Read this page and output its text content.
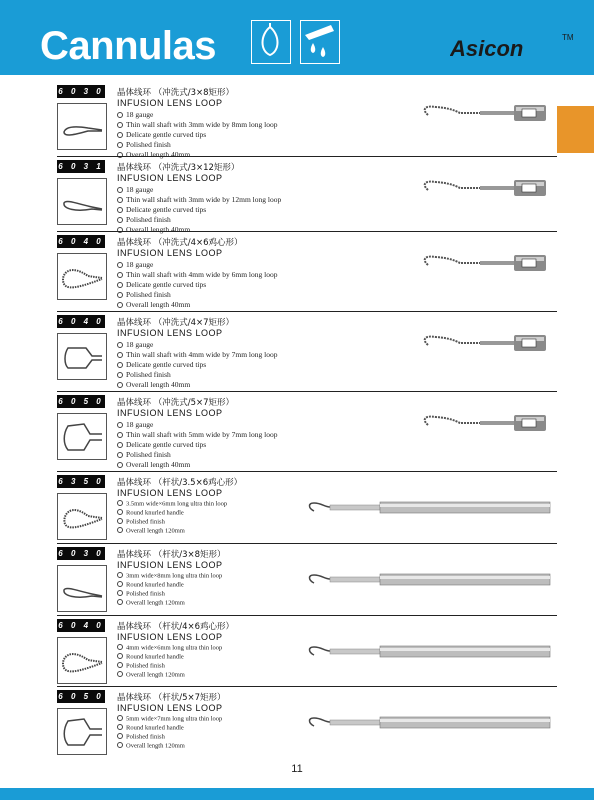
Cannulas	Asicon	TM
6 0 3 0 晶体线环 （冲洗式/3×8矩形）
INFUSION LENS LOOP
18 gauge
Thin wall shaft with 3mm wide by 8mm long loop
Delicate gentle curved tips
Polished finish
Overall length 40mm
6 0 3 1 晶体线环 （冲洗式/3×12矩形）
INFUSION LENS LOOP
18 gauge
Thin wall shaft with 3mm wide by 12mm long loop
Delicate gentle curved tips
Polished finish
Overall length 40mm
6 0 4 0 晶体线环 （冲洗式/4×6鸡心形）
INFUSION LENS LOOP
18 gauge
Thin wall shaft with 4mm wide by 6mm long loop
Delicate gentle curved tips
Polished finish
Overall length 40mm
6 0 4 0 晶体线环 （冲洗式/4×7矩形）
INFUSION LENS LOOP
18 gauge
Thin wall shaft with 4mm wide by 7mm long loop
Delicate gentle curved tips
Polished finish
Overall length 40mm
6 0 5 0 晶体线环 （冲洗式/5×7矩形）
INFUSION LENS LOOP
18 gauge
Thin wall shaft with 5mm wide by 7mm long loop
Delicate gentle curved tips
Polished finish
Overall length 40mm
6 3 5 0 晶体线环 （杆状/3.5×6鸡心形）
INFUSION LENS LOOP
3.5mm wide×6mm long ultra thin loop
Round knurled handle
Polished finish
Overall length 120mm
6 0 3 0 晶体线环 （杆状/3×8矩形）
INFUSION LENS LOOP
3mm wide×8mm long ultra thin loop
Round knurled handle
Polished finish
Overall length 120mm
6 0 4 0 晶体线环 （杆状/4×6鸡心形）
INFUSION LENS LOOP
4mm wide×6mm long ultra thin loop
Round knurled handle
Polished finish
Overall length 120mm
6 0 5 0 晶体线环 （杆状/5×7矩形）
INFUSION LENS LOOP
5mm wide×7mm long ultra thin loop
Round knurled handle
Polished finish
Overall length 120mm
11
